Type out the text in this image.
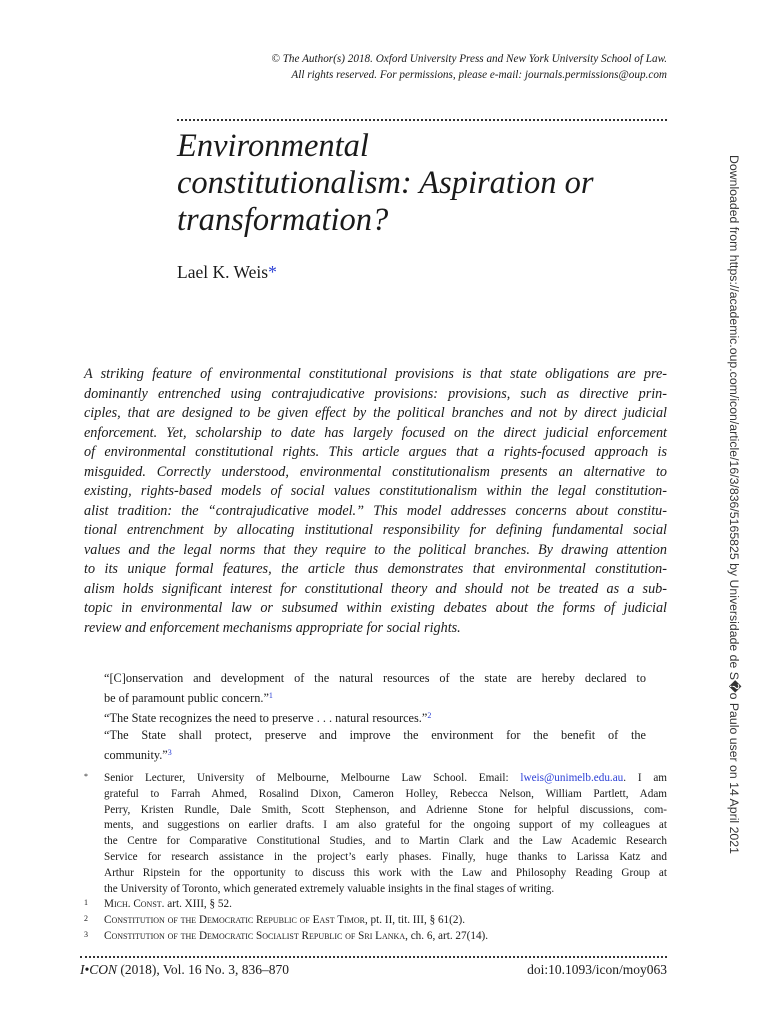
© The Author(s) 2018. Oxford University Press and New York University School of Law.
All rights reserved. For permissions, please e-mail: journals.permissions@oup.com
Environmental
constitutionalism: Aspiration or
transformation?
Lael K. Weis*
A striking feature of environmental constitutional provisions is that state obligations are pre-
dominantly entrenched using contrajudicative provisions: provisions, such as directive prin-
ciples, that are designed to be given effect by the political branches and not by direct judicial
enforcement. Yet, scholarship to date has largely focused on the direct judicial enforcement
of environmental constitutional rights. This article argues that a rights-focused approach is
misguided. Correctly understood, environmental constitutionalism presents an alternative to
existing, rights-based models of social values constitutionalism within the legal constitution-
alist tradition: the “contrajudicative model.” This model addresses concerns about constitu-
tional entrenchment by allocating institutional responsibility for defining fundamental social
values and the legal norms that they require to the political branches. By drawing attention
to its unique formal features, the article thus demonstrates that environmental constitution-
alism holds significant interest for constitutional theory and should not be treated as a sub-
topic in environmental law or subsumed within existing debates about the forms of judicial
review and enforcement mechanisms appropriate for social rights.
“[C]onservation and development of the natural resources of the state are hereby declared to
be of paramount public concern.”$^1$
“The State recognizes the need to preserve . . . natural resources.”$^2$
“The State shall protect, preserve and improve the environment for the benefit of the
community.”$^3$
* Senior Lecturer, University of Melbourne, Melbourne Law School. Email: lweis@unimelb.edu.au. I am
grateful to Farrah Ahmed, Rosalind Dixon, Cameron Holley, Rebecca Nelson, William Partlett, Adam
Perry, Kristen Rundle, Dale Smith, Scott Stephenson, and Adrienne Stone for helpful discussions, com-
ments, and suggestions on earlier drafts. I am also grateful for the ongoing support of my colleagues at
the Centre for Comparative Constitutional Studies, and to Martin Clark and the Law Academic Research
Service for research assistance in the project’s early phases. Finally, huge thanks to Larissa Katz and
Arthur Ripstein for the opportunity to discuss this work with the Law and Philosophy Reading Group at
the University of Toronto, which generated extremely valuable insights in the final stages of writing.
1 Mich. Const. art. XIII, § 52.
2 Constitution of the Democratic Republic of East Timor, pt. II, tit. III, § 61(2).
3 Constitution of the Democratic Socialist Republic of Sri Lanka, ch. 6, art. 27(14).
I•CON (2018), Vol. 16 No. 3, 836–870	doi:10.1093/icon/moy063
Downloaded from https://academic.oup.com/icon/article/16/3/836/5165825 by Universidade de S�o Paulo user on 14 April 2021
